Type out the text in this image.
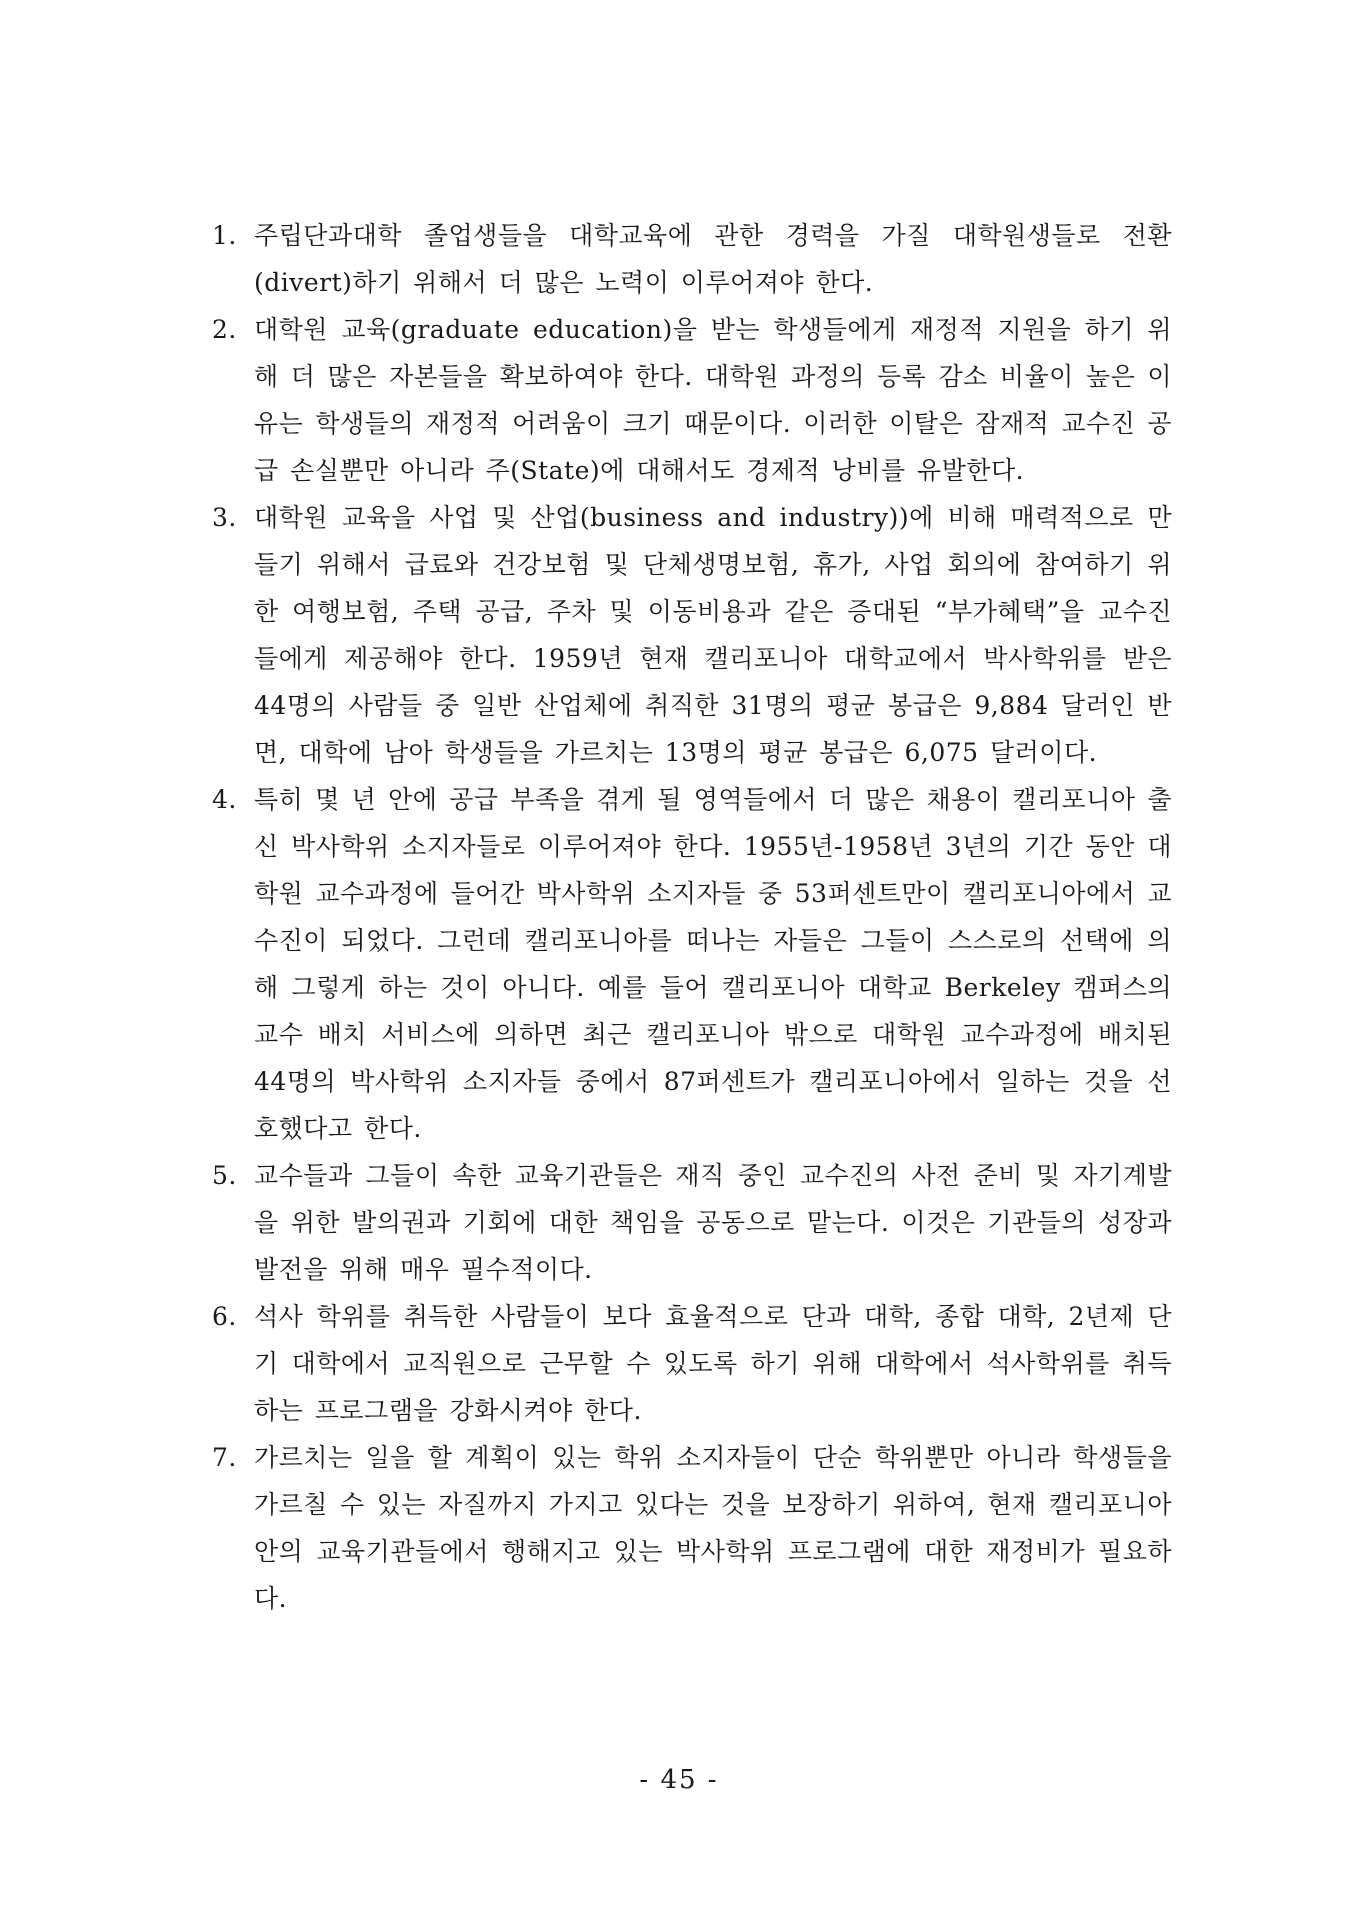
1. 주립단과대학 졸업생들을 대학교육에 관한 경력을 가질 대학원생들로 전환(divert)하기 위해서 더 많은 노력이 이루어져야 한다.
2. 대학원 교육(graduate education)을 받는 학생들에게 재정적 지원을 하기 위해 더 많은 자본들을 확보하여야 한다. 대학원 과정의 등록 감소 비율이 높은 이유는 학생들의 재정적 어려움이 크기 때문이다. 이러한 이탈은 잠재적 교수진 공급 손실뿐만 아니라 주(State)에 대해서도 경제적 낭비를 유발한다.
3. 대학원 교육을 사업 및 산업(business and industry))에 비해 매력적으로 만들기 위해서 급료와 건강보험 및 단체생명보험, 휴가, 사업 회의에 참여하기 위한 여행보험, 주택 공급, 주차 및 이동비용과 같은 증대된 “부가혜택”을 교수진들에게 제공해야 한다. 1959년 현재 캘리포니아 대학교에서 박사학위를 받은 44명의 사람들 중 일반 산업체에 취직한 31명의 평균 봉급은 9,884 달러인 반면, 대학에 남아 학생들을 가르치는 13명의 평균 봉급은 6,075 달러이다.
4. 특히 몇 년 안에 공급 부족을 겪게 될 영역들에서 더 많은 채용이 캘리포니아 출신 박사학위 소지자들로 이루어져야 한다. 1955년-1958년 3년의 기간 동안 대학원 교수과정에 들어간 박사학위 소지자들 중 53퍼센트만이 캘리포니아에서 교수진이 되었다. 그런데 캘리포니아를 떠나는 자들은 그들이 스스로의 선택에 의해 그렇게 하는 것이 아니다. 예를 들어 캘리포니아 대학교 Berkeley 캠퍼스의 교수 배치 서비스에 의하면 최근 캘리포니아 밖으로 대학원 교수과정에 배치된 44명의 박사학위 소지자들 중에서 87퍼센트가 캘리포니아에서 일하는 것을 선호했다고 한다.
5. 교수들과 그들이 속한 교육기관들은 재직 중인 교수진의 사전 준비 및 자기계발을 위한 발의권과 기회에 대한 책임을 공동으로 맡는다. 이것은 기관들의 성장과 발전을 위해 매우 필수적이다.
6. 석사 학위를 취득한 사람들이 보다 효율적으로 단과 대학, 종합 대학, 2년제 단기 대학에서 교직원으로 근무할 수 있도록 하기 위해 대학에서 석사학위를 취득하는 프로그램을 강화시켜야 한다.
7. 가르치는 일을 할 계획이 있는 학위 소지자들이 단순 학위뿐만 아니라 학생들을 가르칠 수 있는 자질까지 가지고 있다는 것을 보장하기 위하여, 현재 캘리포니아 안의 교육기관들에서 행해지고 있는 박사학위 프로그램에 대한 재정비가 필요하다.
- 45 -
